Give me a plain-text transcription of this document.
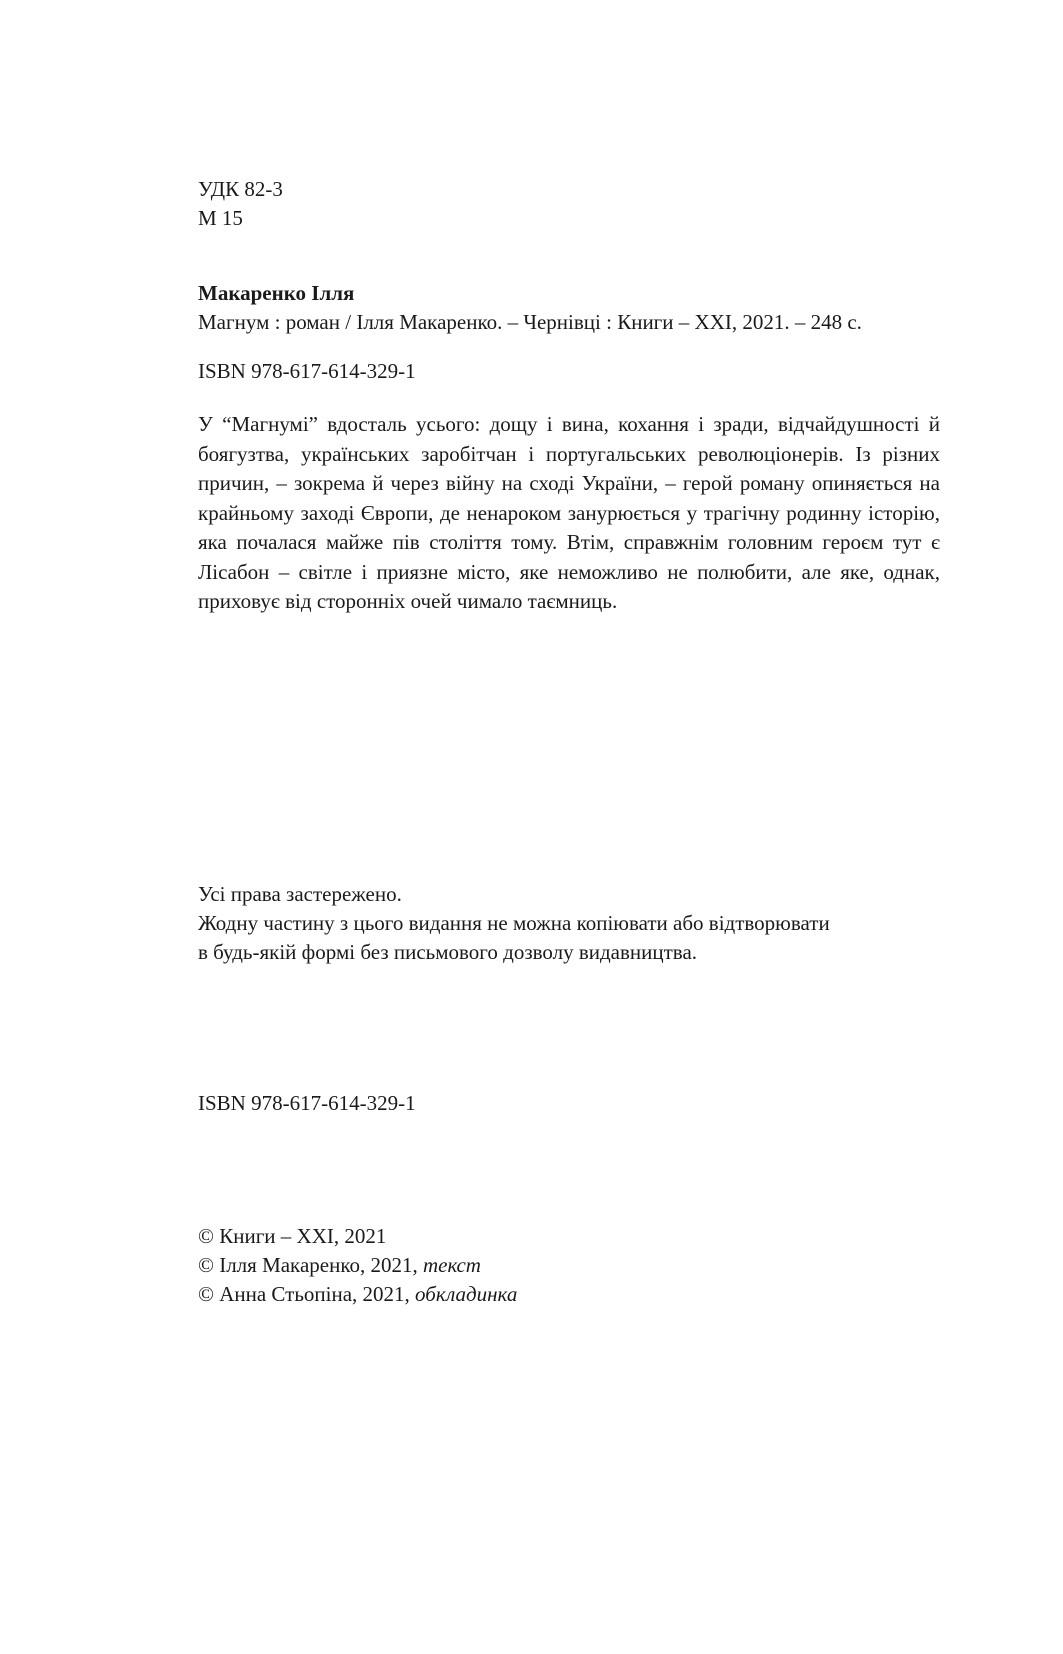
УДК 82-3
М 15
Макаренко Ілля
Магнум : роман / Ілля Макаренко. – Чернівці : Книги – ХХІ, 2021. – 248 с.
ISBN 978-617-614-329-1

У “Магнумі” вдосталь усього: дощу і вина, кохання і зради, відчайдушності й боягузтва, українських заробітчан і португальських революціонерів. Із різних причин, – зокрема й через війну на сході України, – герой роману опиняється на крайньому заході Європи, де ненароком занурюється у трагічну родинну історію, яка почалася майже пів століття тому. Втім, справжнім головним героєм тут є Лісабон – світле і приязне місто, яке неможливо не полюбити, але яке, однак, приховує від сторонніх очей чимало таємниць.

Усі права застережено.
Жодну частину з цього видання не можна копіювати або відтворювати
в будь-якій формі без письмового дозволу видавництва.
ISBN 978-617-614-329-1
© Книги – ХХІ, 2021
© Ілля Макаренко, 2021, текст
© Анна Стьопіна, 2021, обкладинка
